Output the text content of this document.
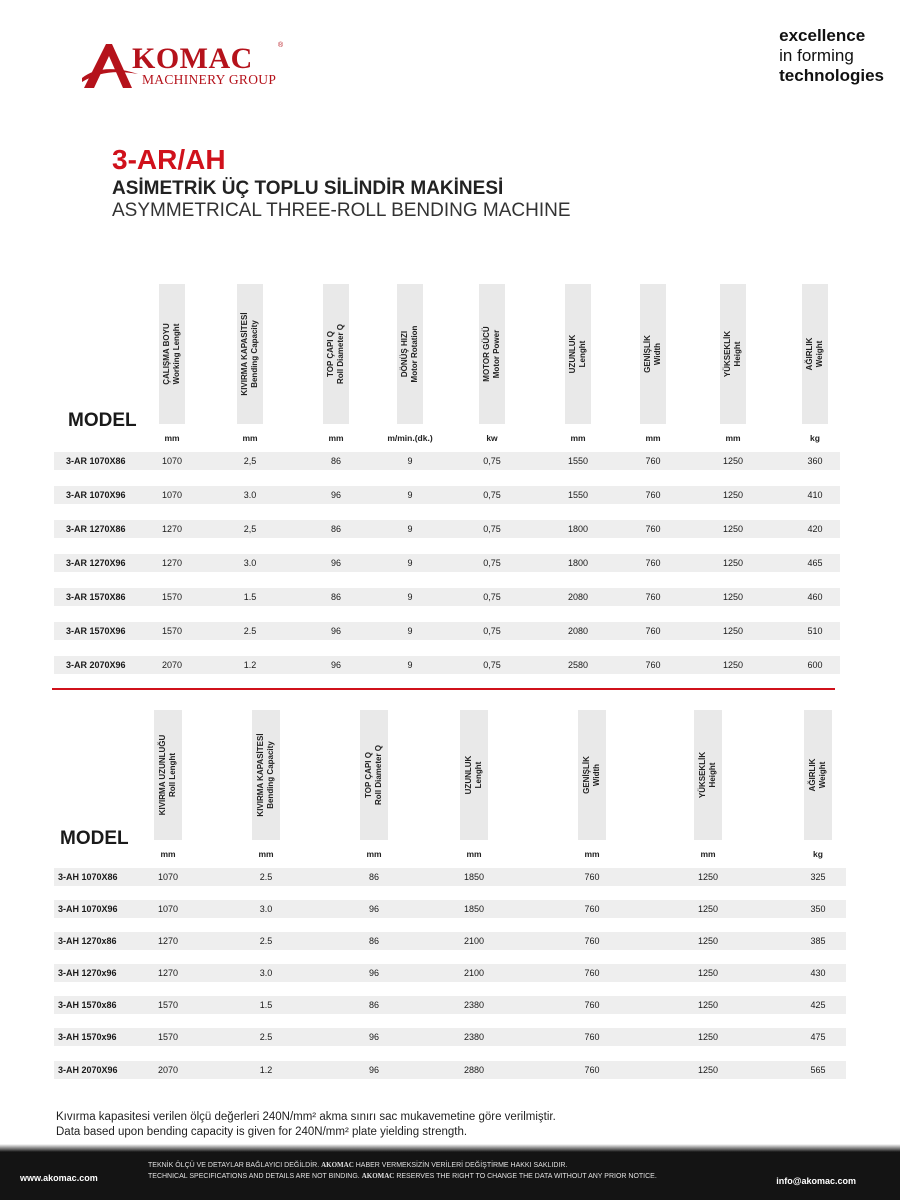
KOMAC	®
MACHINERY GROUP
excellence
in forming
technologies
3-AR/AH
ASİMETRİK ÜÇ TOPLU SİLİNDİR MAKİNESİ
ASYMMETRICAL THREE-ROLL BENDING MACHINE
MODEL
ÇALIŞMA BOYU Working Lenght
mm
KIVIRMA KAPASİTESİ Bending Capacity
mm
TOP ÇAPI Q Roll Diameter Q
mm
DÖNÜŞ HIZI Motor Rotation
m/min.(dk.)
MOTOR GÜCÜ Motor Power
kw
UZUNLUK Lenght
mm
GENİŞLİK Width
mm
YÜKSEKLİK Height
mm
AĞIRLIK Weight
kg
3-AR 1070X86	1070	2,5	86	9	0,75	1550	760	1250	360
3-AR 1070X96	1070	3.0	96	9	0,75	1550	760	1250	410
3-AR 1270X86	1270	2,5	86	9	0,75	1800	760	1250	420
3-AR 1270X96	1270	3.0	96	9	0,75	1800	760	1250	465
3-AR 1570X86	1570	1.5	86	9	0,75	2080	760	1250	460
3-AR 1570X96	1570	2.5	96	9	0,75	2080	760	1250	510
3-AR 2070X96	2070	1.2	96	9	0,75	2580	760	1250	600
MODEL
KIVIRMA UZUNLUĞU Roll Lenght
mm
KIVIRMA KAPASİTESİ Bending Capacity
mm
TOP ÇAPI Q Roll Diameter Q
mm
UZUNLUK Lenght
mm
GENİŞLİK Width
mm
YÜKSEKLİK Height
mm
AĞIRLIK Weight
kg
3-AH 1070X86	1070	2.5	86	1850	760	1250	325
3-AH 1070X96	1070	3.0	96	1850	760	1250	350
3-AH 1270x86	1270	2.5	86	2100	760	1250	385
3-AH 1270x96	1270	3.0	96	2100	760	1250	430
3-AH 1570x86	1570	1.5	86	2380	760	1250	425
3-AH 1570x96	1570	2.5	96	2380	760	1250	475
3-AH 2070X96	2070	1.2	96	2880	760	1250	565
Kıvırma kapasitesi verilen ölçü değerleri 240N/mm² akma sınırı sac mukavemetine göre verilmiştir.
Data based upon bending capacity is given for 240N/mm² plate yielding strength.
www.akomac.com
TEKNİK ÖLÇÜ VE DETAYLAR BAĞLAYICI DEĞİLDİR. AKOMAC HABER VERMEKSİZİN VERİLERİ DEĞİŞTİRME HAKKI SAKLIDIR.
TECHNICAL SPECIFICATIONS AND DETAILS ARE NOT BINDING. AKOMAC RESERVES THE RIGHT TO CHANGE THE DATA WITHOUT ANY PRIOR NOTICE.	info@akomac.com
